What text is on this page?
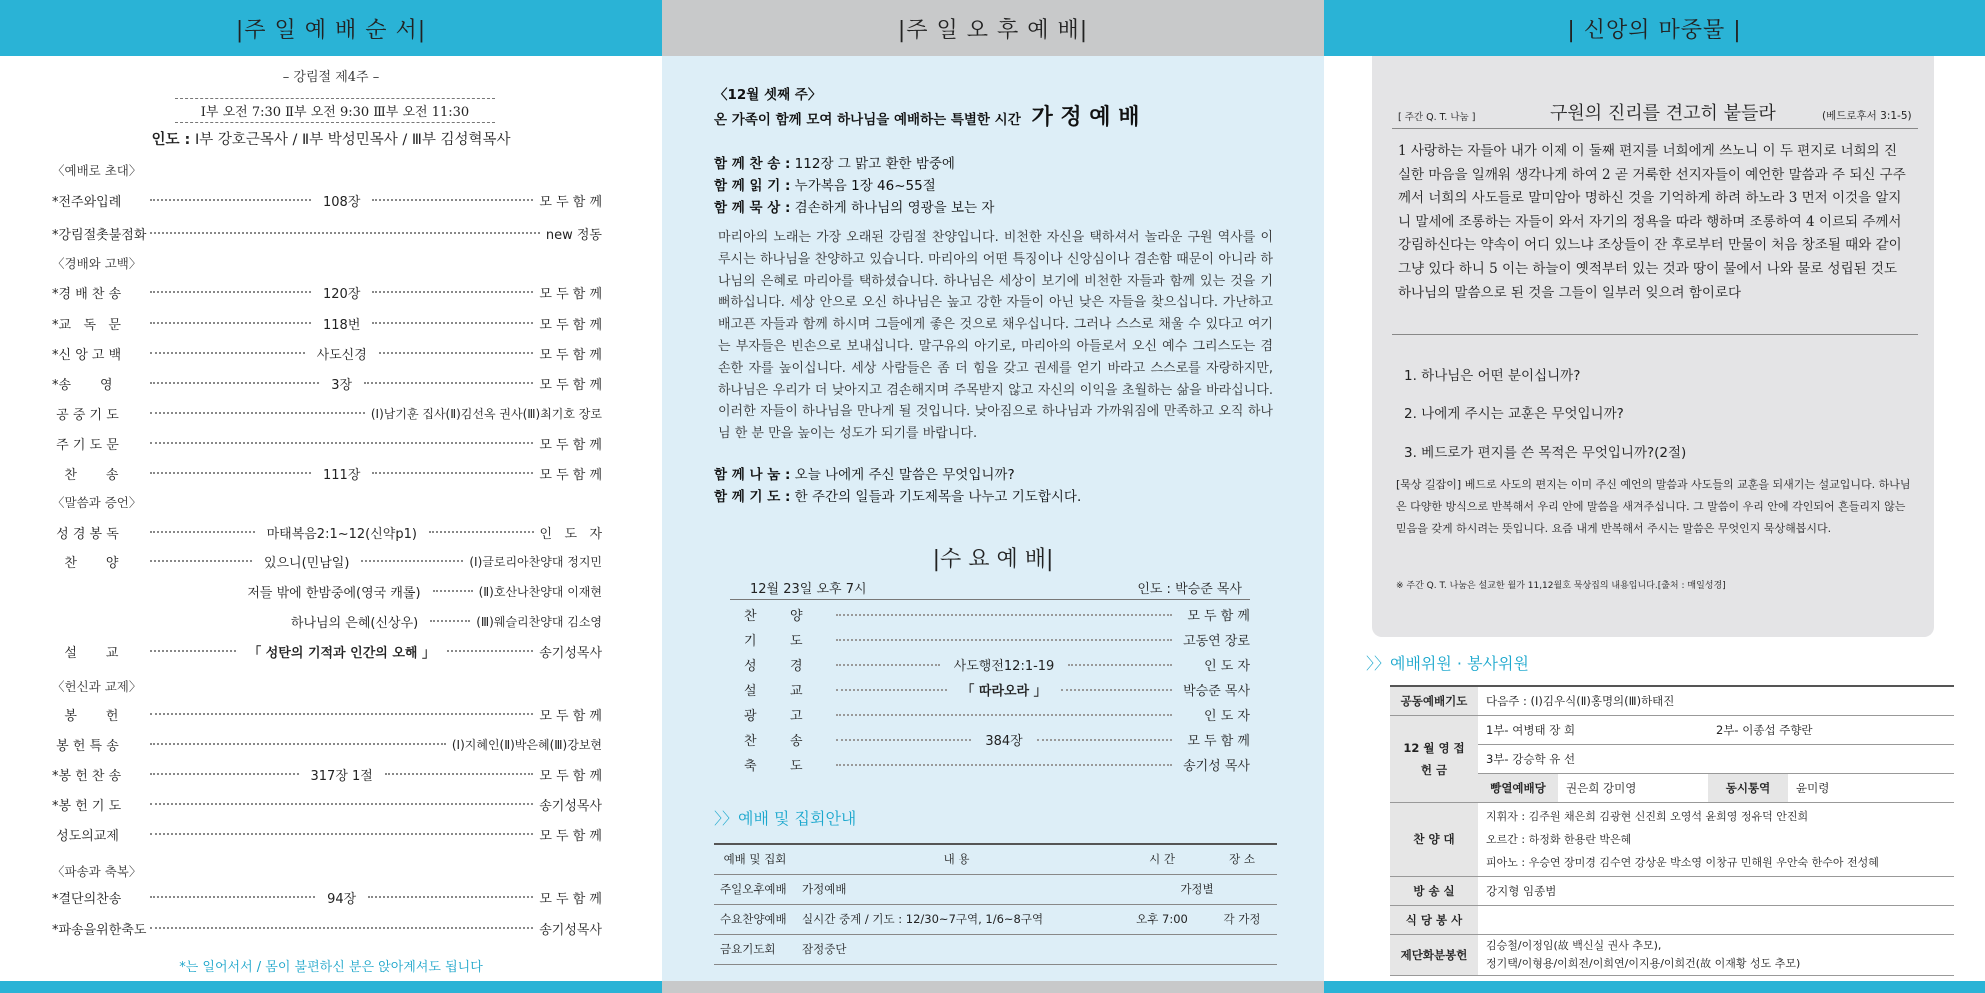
|주 일 예 배 순 서|
– 강림절 제4주 –
Ⅰ부 오전 7:30 Ⅱ부 오전 9:30 Ⅲ부 오전 11:30
인도 : Ⅰ부 강호근목사 / Ⅱ부 박성민목사 / Ⅲ부 김성혁목사
〈예배로 초대〉
〈경배와 고백〉
〈말씀과 증언〉
〈헌신과 교제〉
〈파송과 축복〉
*전주와입례	108장	모 두 함 께
*강림절촛불점화	new 정동
*경 배 찬 송	120장	모 두 함 께
*교   독   문	118번	모 두 함 께
*신 앙 고 백	사도신경	모 두 함 께
*송       영	3장	모 두 함 께
공 중 기 도	(Ⅰ)남기훈 집사(Ⅱ)김선옥 권사(Ⅲ)최기호 장로
주 기 도 문	모 두 함 께
찬       송	111장	모 두 함 께
성 경 봉 독	마태복음2:1~12(신약p1)	인   도   자
찬       양	있으니(민남일)	(Ⅰ)글로리아찬양대 정지민
저들 밖에 한밤중에(영국 캐롤)	(Ⅱ)호산나찬양대 이재현
하나님의 은혜(신상우)	(Ⅲ)웨슬리찬양대 김소영
설       교	「 성탄의 기적과 인간의 오해 」	송기성목사
봉       헌	모 두 함 께
봉 헌 특 송	(Ⅰ)지혜인(Ⅱ)박은혜(Ⅲ)강보현
*봉 헌 찬 송	317장 1절	모 두 함 께
*봉 헌 기 도	송기성목사
성도의교제	모 두 함 께
*결단의찬송	94장	모 두 함 께
*파송을위한축도	송기성목사
*는 일어서서 / 몸이 불편하신 분은 앉아계셔도 됩니다
|주 일 오 후 예 배|
〈12월 셋째 주〉
온 가족이 함께 모여 하나님을 예배하는 특별한 시간 가 정 예 배
함 께 찬 송 : 112장 그 맑고 환한 밤중에
함 께 읽 기 : 누가복음 1장 46~55절
함 께 묵 상 : 겸손하게 하나님의 영광을 보는 자
마리아의 노래는 가장 오래된 강림절 찬양입니다. 비천한 자신을 택하셔서 놀라운 구원 역사를 이루시는 하나님을 찬양하고 있습니다. 마리아의 어떤 특징이나 신앙심이나 겸손함 때문이 아니라 하나님의 은혜로 마리아를 택하셨습니다. 하나님은 세상이 보기에 비천한 자들과 함께 있는 것을 기뻐하십니다. 세상 안으로 오신 하나님은 높고 강한 자들이 아닌 낮은 자들을 찾으십니다. 가난하고 배고픈 자들과 함께 하시며 그들에게 좋은 것으로 채우십니다. 그러나 스스로 채울 수 있다고 여기는 부자들은 빈손으로 보내십니다. 말구유의 아기로, 마리아의 아들로서 오신 예수 그리스도는 겸손한 자를 높이십니다. 세상 사람들은 좀 더 힘을 갖고 권세를 얻기 바라고 스스로를 자랑하지만, 하나님은 우리가 더 낮아지고 겸손해지며 주목받지 않고 자신의 이익을 초월하는 삶을 바라십니다. 이러한 자들이 하나님을 만나게 될 것입니다. 낮아짐으로 하나님과 가까워짐에 만족하고 오직 하나님 한 분 만을 높이는 성도가 되기를 바랍니다.
함 께 나 눔 : 오늘 나에게 주신 말씀은 무엇입니까?
함 께 기 도 : 한 주간의 일들과 기도제목을 나누고 기도합시다.
|수 요 예 배|
12월 23일 오후 7시	인도 : 박승준 목사
찬	양	모 두 함 께
기	도	고동연 장로
성	경	사도행전12:1-19	인 도 자
설	교	「 따라오라 」	박승준 목사
광	고	인 도 자
찬	송	384장	모 두 함 께
축	도	송기성 목사
〉〉예배 및 집회안내
예배 및 집회	내 용	시 간	장 소
주일오후예배	가정예배	가정별	
수요찬양예배	실시간 중계 / 기도 : 12/30~7구역, 1/6~8구역	오후 7:00	각 가정
금요기도회	잠정중단		
| 신앙의 마중물 |
[ 주간 Q. T. 나눔 ]	구원의 진리를 견고히 붙들라	(베드로후서 3:1-5)
1 사랑하는 자들아 내가 이제 이 둘째 편지를 너희에게 쓰노니 이 두 편지로 너희의 진실한 마음을 일깨워 생각나게 하여 2 곧 거룩한 선지자들이 예언한 말씀과 주 되신 구주께서 너희의 사도들로 말미암아 명하신 것을 기억하게 하려 하노라 3 먼저 이것을 알지니 말세에 조롱하는 자들이 와서 자기의 정욕을 따라 행하며 조롱하여 4 이르되 주께서 강림하신다는 약속이 어디 있느냐 조상들이 잔 후로부터 만물이 처음 창조될 때와 같이 그냥 있다 하니 5 이는 하늘이 옛적부터 있는 것과 땅이 물에서 나와 물로 성립된 것도 하나님의 말씀으로 된 것을 그들이 일부러 잊으려 함이로다
1. 하나님은 어떤 분이십니까?
2. 나에게 주시는 교훈은 무엇입니까?
3. 베드로가 편지를 쓴 목적은 무엇입니까?(2절)
[묵상 길잡이] 베드로 사도의 편지는 이미 주신 예언의 말씀과 사도들의 교훈을 되새기는 설교입니다. 하나님은 다양한 방식으로 반복해서 우리 안에 말씀을 새겨주십니다. 그 말씀이 우리 안에 각인되어 흔들리지 않는 믿음을 갖게 하시려는 뜻입니다. 요즘 내게 반복해서 주시는 말씀은 무엇인지 묵상해봅시다.
※ 주간 Q. T. 나눔은 설교한 월가 11,12월호 묵상집의 내용입니다.[출처 : 매일성경]
〉〉예배위원 · 봉사위원
공동예배기도	다음주 : (Ⅰ)김우식(Ⅱ)홍명의(Ⅲ)하태진			
12 월 영 접 헌 금	1부- 여병태 장 희		2부- 이종섭 주향란	
	3부- 강승학 유 선			
	빵열예배당	권은희 강미영	동시통역	윤미령
찬 양 대	지휘자 : 김주원 채은희 김광현 신진희 오영석 윤희영 정유덕 안진희
오르간 : 하정화 한용란 박은혜
피아노 : 우승연 장미경 김수연 강상운 박소영 이창규 민해원 우안숙 한수아 전성혜			

방 송 실	강지형 임종범			
식 당 봉 사				
제단화분봉헌	김승철/이정임(故 백신실 권사 추모),
정기택/이형용/이희전/이희연/이지용/이희건(故 이재황 성도 추모)			
